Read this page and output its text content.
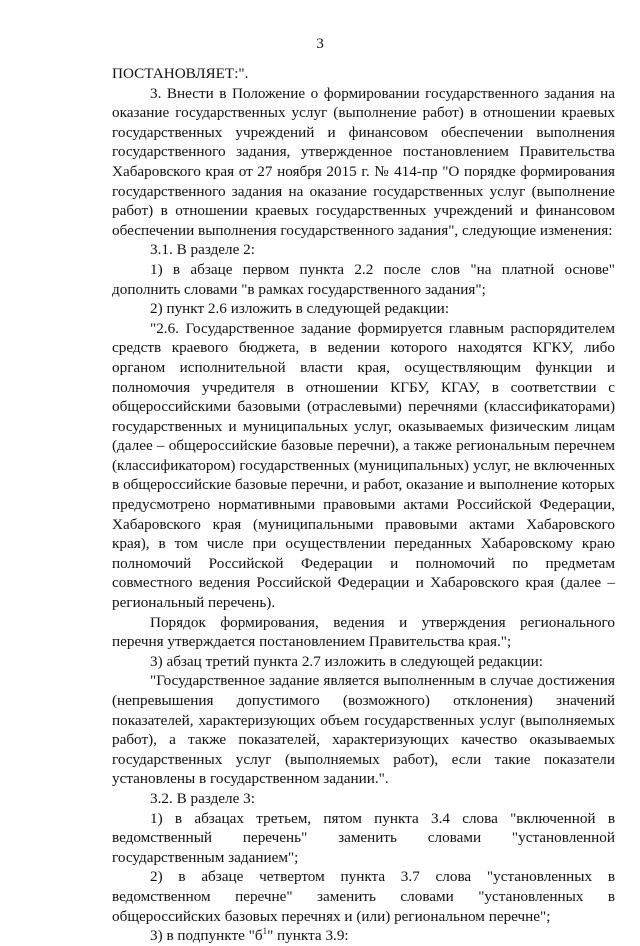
3

ПОСТАНОВЛЯЕТ:".

3. Внести в Положение о формировании государственного задания на оказание государственных услуг (выполнение работ) в отношении краевых государственных учреждений и финансовом обеспечении выполнения государственного задания, утвержденное постановлением Правительства Хабаровского края от 27 ноября 2015 г. № 414-пр "О порядке формирования государственного задания на оказание государственных услуг (выполнение работ) в отношении краевых государственных учреждений и финансовом обеспечении выполнения государственного задания", следующие изменения:

3.1. В разделе 2:

1) в абзаце первом пункта 2.2 после слов "на платной основе" дополнить словами "в рамках государственного задания";

2) пункт 2.6 изложить в следующей редакции:

"2.6. Государственное задание формируется главным распорядителем средств краевого бюджета, в ведении которого находятся КГКУ, либо органом исполнительной власти края, осуществляющим функции и полномочия учредителя в отношении КГБУ, КГАУ, в соответствии с общероссийскими базовыми (отраслевыми) перечнями (классификаторами) государственных и муниципальных услуг, оказываемых физическим лицам (далее – общероссийские базовые перечни), а также региональным перечнем (классификатором) государственных (муниципальных) услуг, не включенных в общероссийские базовые перечни, и работ, оказание и выполнение которых предусмотрено нормативными правовыми актами Российской Федерации, Хабаровского края (муниципальными правовыми актами Хабаровского края), в том числе при осуществлении переданных Хабаровскому краю полномочий Российской Федерации и полномочий по предметам совместного ведения Российской Федерации и Хабаровского края (далее – региональный перечень).

Порядок формирования, ведения и утверждения регионального перечня утверждается постановлением Правительства края.";

3) абзац третий пункта 2.7 изложить в следующей редакции:

"Государственное задание является выполненным в случае достижения (непревышения допустимого (возможного) отклонения) значений показателей, характеризующих объем государственных услуг (выполняемых работ), а также показателей, характеризующих качество оказываемых государственных услуг (выполняемых работ), если такие показатели установлены в государственном задании.".

3.2. В разделе 3:

1) в абзацах третьем, пятом пункта 3.4 слова "включенной в ведомственный перечень" заменить словами "установленной государственным заданием";

2) в абзаце четвертом пункта 3.7 слова "установленных в ведомственном перечне" заменить словами "установленных в общероссийских базовых перечнях и (или) региональном перечне";

3) в подпункте "$б^1$" пункта 3.9:
